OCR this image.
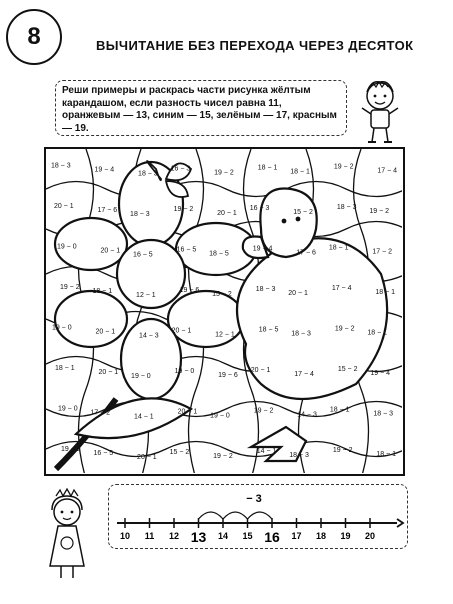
8	ВЫЧИТАНИЕ БЕЗ ПЕРЕХОДА ЧЕРЕЗ ДЕСЯТОК
Реши примеры и раскрась части рисунка жёлтым карандашом, если разность чисел равна 11, оранжевым — 13, синим — 15, зелёным — 17, красным — 19.
18 − 3
19 − 4
18 − 3
16 − 3
19 − 2
18 − 1
18 − 1
19 − 2
17 − 4
20 − 1
17 − 6
18 − 3
19 − 2
20 − 1
16 − 3
15 − 2
18 − 3
19 − 2
19 − 0
20 − 1
16 − 5
16 − 5
18 − 5
19 − 4
17 − 6
18 − 1
17 − 2
19 − 2
18 − 1
12 − 1
19 − 6
15 − 2
18 − 3
20 − 1
17 − 4
18 − 1
19 − 0
20 − 1
14 − 3
20 − 1
12 − 1
18 − 5
18 − 3
19 − 2
18 − 1
18 − 1
20 − 1
19 − 0
19 − 0
19 − 6
20 − 1
17 − 4
15 − 2
19 − 4
19 − 0
17 − 2
14 − 1
20 − 1
19 − 0
19 − 2
14 − 3
18 − 1
18 − 3
19 − 2
16 − 5
20 − 1
15 − 2
19 − 2
14 − 1
18 − 3
19 − 2
18 − 1
− 3
10 11 12 13 14 15 16 17 18 19 20
